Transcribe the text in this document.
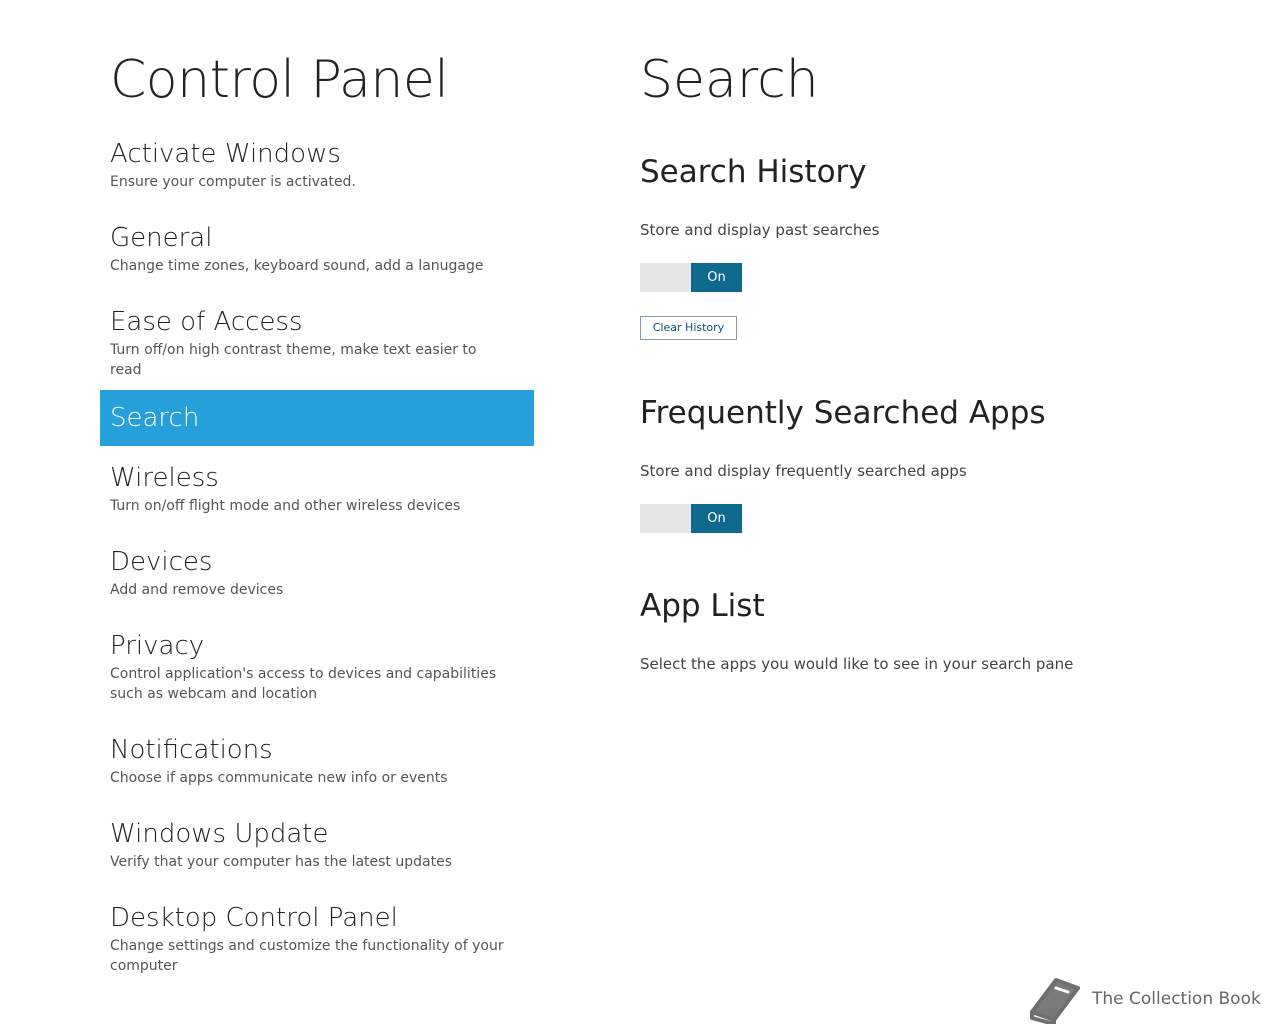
Control Panel
Activate Windows
Ensure your computer is activated.
General
Change time zones, keyboard sound, add a lanugage
Ease of Access
Turn off/on high contrast theme, make text easier to read
Search
Wireless
Turn on/off flight mode and other wireless devices
Devices
Add and remove devices
Privacy
Control application's access to devices and capabilities such as webcam and location
Notifications
Choose if apps communicate new info or events
Windows Update
Verify that your computer has the latest updates
Desktop Control Panel
Change settings and customize the functionality of your computer
Search
Search History

Store and display past searches

On
Clear History
Frequently Searched Apps

Store and display frequently searched apps

On
App List

Select the apps you would like to see in your search pane

The Collection Book
